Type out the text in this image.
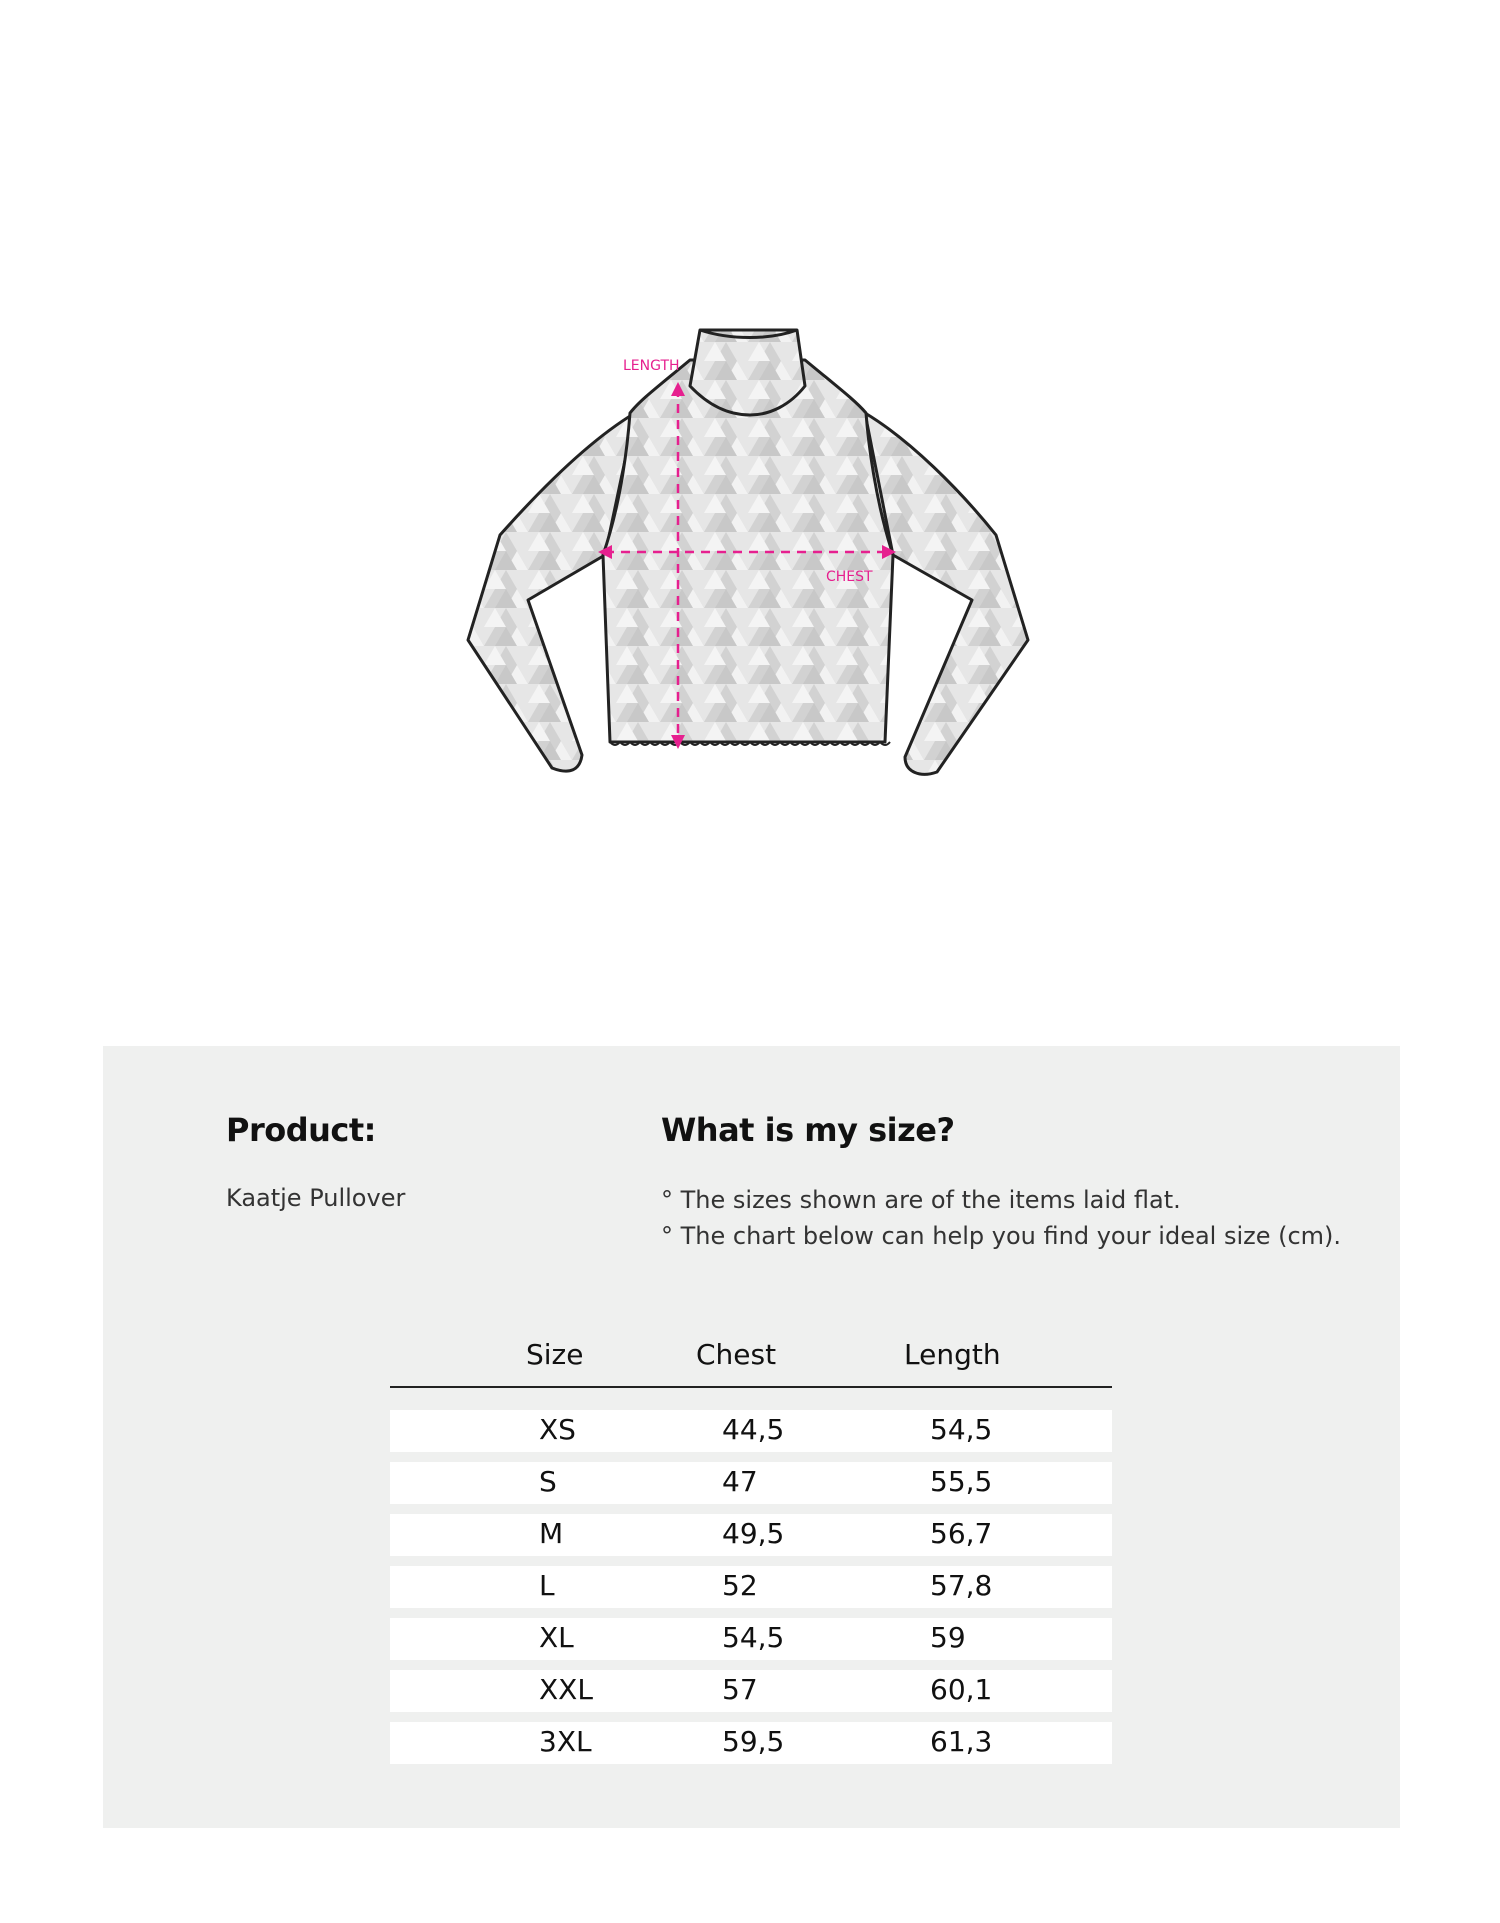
LENGTH
CHEST
Product:
Kaatje Pullover
What is my size?
° The sizes shown are of the items laid flat.
° The chart below can help you find your ideal size (cm).
Size	Chest	Length
XS	44,5	54,5
S	47	55,5
M	49,5	56,7
L	52	57,8
XL	54,5	59
XXL	57	60,1
3XL	59,5	61,3
